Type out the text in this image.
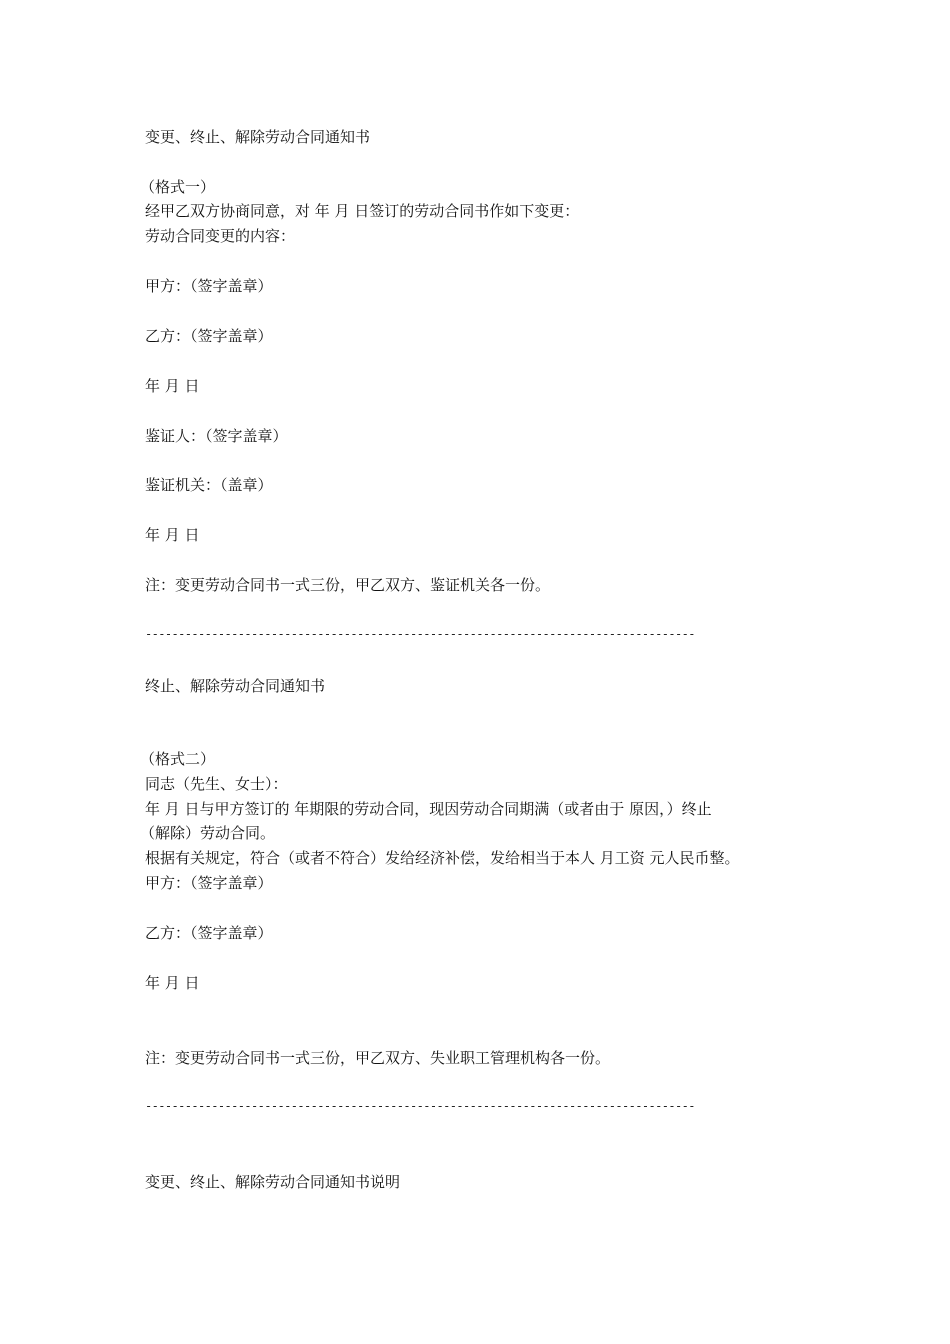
变更、终止、解除劳动合同通知书
（格式一）
经甲乙双方协商同意，对 年 月 日签订的劳动合同书作如下变更：
劳动合同变更的内容：
甲方：（签字盖章）
乙方：（签字盖章）
年 月 日
鉴证人：（签字盖章）
鉴证机关：（盖章）
年 月 日
注：变更劳动合同书一式三份，甲乙双方、鉴证机关各一份。
-----------------------------------------------------------------------------------
终止、解除劳动合同通知书
（格式二）
同志（先生、女士）：
年 月 日与甲方签订的 年期限的劳动合同，现因劳动合同期满（或者由于 原因，）终止
（解除）劳动合同。
根据有关规定，符合（或者不符合）发给经济补偿，发给相当于本人 月工资 元人民币整。
甲方：（签字盖章）
乙方：（签字盖章）
年 月 日
注：变更劳动合同书一式三份，甲乙双方、失业职工管理机构各一份。
-----------------------------------------------------------------------------------
变更、终止、解除劳动合同通知书说明
